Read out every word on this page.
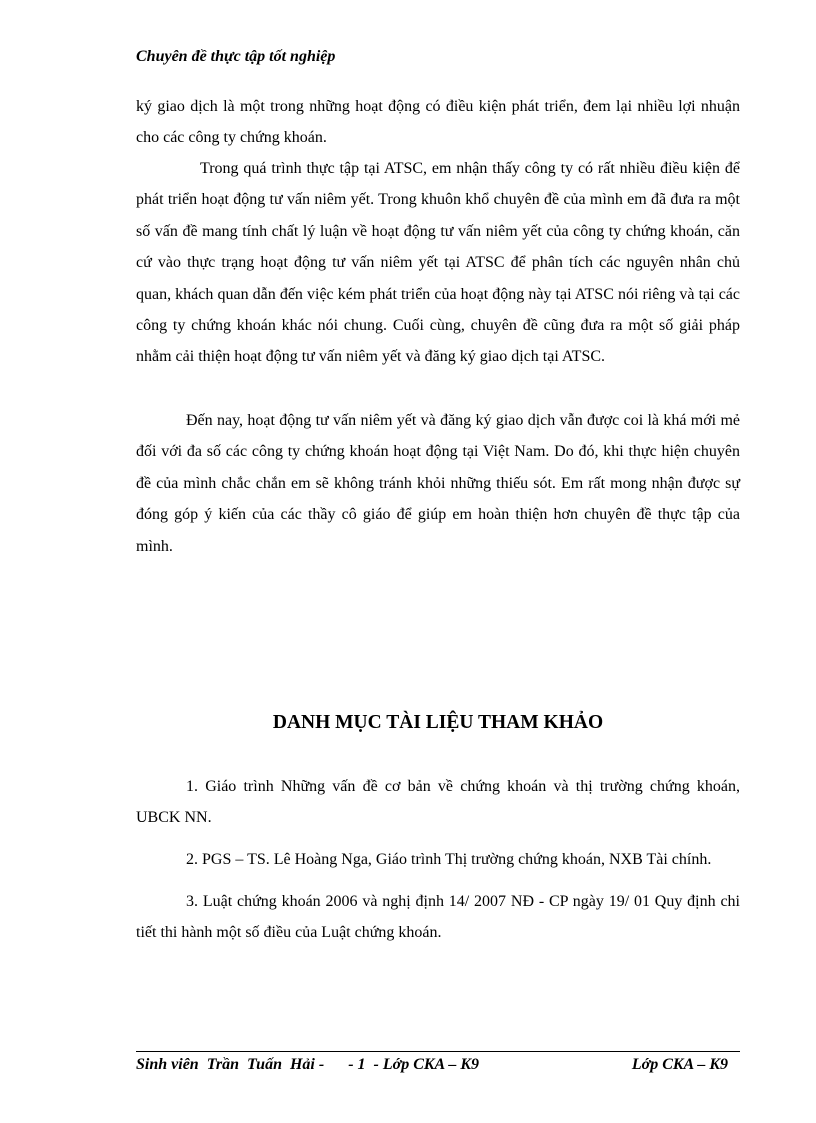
Chuyên đề thực tập tốt nghiệp

ký giao dịch là một trong những hoạt động có điều kiện phát triển, đem lại nhiều lợi nhuận cho các công ty chứng khoán.

Trong quá trình thực tập tại ATSC, em nhận thấy công ty có rất nhiều điều kiện để phát triển hoạt động tư vấn niêm yết. Trong khuôn khổ chuyên đề của mình em đã đưa ra một số vấn đề mang tính chất lý luận về hoạt động tư vấn niêm yết của công ty chứng khoán, căn cứ vào thực trạng hoạt động tư vấn niêm yết tại ATSC để phân tích các nguyên nhân chủ quan, khách quan dẫn đến việc kém phát triển của hoạt động này tại ATSC nói riêng và tại các công ty chứng khoán khác nói chung. Cuối cùng, chuyên đề cũng đưa ra một số giải pháp nhằm cải thiện hoạt động tư vấn niêm yết và đăng ký giao dịch tại ATSC.

Đến nay, hoạt động tư vấn niêm yết và đăng ký giao dịch vẫn được coi là khá mới mẻ đối với đa số các công ty chứng khoán hoạt động tại Việt Nam. Do đó, khi thực hiện chuyên đề của mình chắc chắn em sẽ không tránh khỏi những thiếu sót. Em rất mong nhận được sự đóng góp ý kiến của các thầy cô giáo để giúp em hoàn thiện hơn chuyên đề thực tập của mình.

DANH MỤC TÀI LIỆU THAM KHẢO

1. Giáo trình Những vấn đề cơ bản về chứng khoán và thị trường chứng khoán, UBCK NN.

2. PGS – TS. Lê Hoàng Nga, Giáo trình Thị trường chứng khoán, NXB Tài chính.

3. Luật chứng khoán 2006 và nghị định 14/ 2007 NĐ - CP ngày 19/ 01 Quy định chi tiết thi hành một số điều của Luật chứng khoán.

Sinh viên  Trần  Tuấn  Hải -      - 1  - Lớp CKA – K9	Lớp CKA – K9
